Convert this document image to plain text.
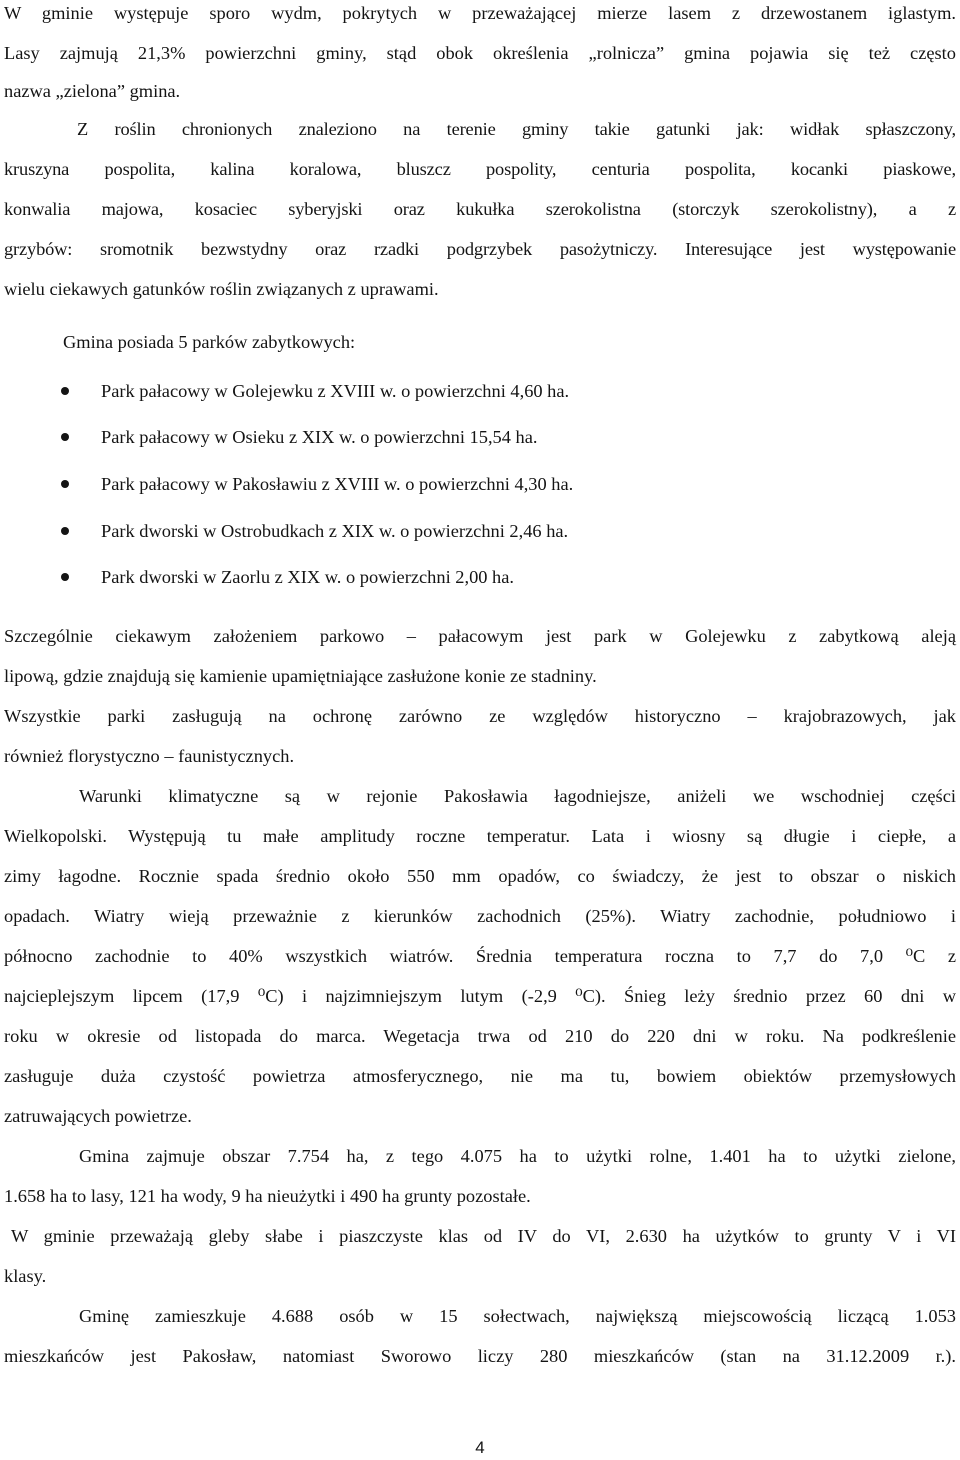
W gminie występuje sporo wydm, pokrytych w przeważającej mierze lasem z drzewostanem iglastym.
Lasy zajmują 21,3% powierzchni gminy, stąd obok określenia „rolnicza” gmina pojawia się też często
nazwa „zielona” gmina.
Z roślin chronionych znaleziono na terenie gminy takie gatunki jak: widłak spłaszczony,
kruszyna pospolita, kalina koralowa, bluszcz pospolity, centuria pospolita, kocanki piaskowe,
konwalia majowa, kosaciec syberyjski oraz kukułka szerokolistna (storczyk szerokolistny), a z
grzybów: sromotnik bezwstydny oraz rzadki podgrzybek pasożytniczy. Interesujące jest występowanie
wielu ciekawych gatunków roślin związanych z uprawami.
Gmina posiada 5 parków zabytkowych:
Szczególnie ciekawym założeniem parkowo – pałacowym jest park w Golejewku z zabytkową aleją
lipową, gdzie znajdują się kamienie upamiętniające zasłużone konie ze stadniny.
Wszystkie parki zasługują na ochronę zarówno ze względów historyczno – krajobrazowych, jak
również florystyczno – faunistycznych.
Warunki klimatyczne są w rejonie Pakosławia łagodniejsze, aniżeli we wschodniej części
Wielkopolski. Występują tu małe amplitudy roczne temperatur. Lata i wiosny są długie i ciepłe, a
zimy łagodne. Rocznie spada średnio około 550 mm opadów, co świadczy, że jest to obszar o niskich
opadach. Wiatry wieją przeważnie z kierunków zachodnich (25%). Wiatry zachodnie, południowo i
północno zachodnie to 40% wszystkich wiatrów. Średnia temperatura roczna to 7,7 do 7,0 ⁰C z
najcieplejszym lipcem (17,9 ⁰C) i najzimniejszym lutym (-2,9 ⁰C). Śnieg leży średnio przez 60 dni w
roku w okresie od listopada do marca. Wegetacja trwa od 210 do 220 dni w roku. Na podkreślenie
zasługuje duża czystość powietrza atmosferycznego, nie ma tu, bowiem obiektów przemysłowych
zatruwających powietrze.
Gmina zajmuje obszar 7.754 ha, z tego 4.075 ha to użytki rolne, 1.401 ha to użytki zielone,
1.658 ha to lasy, 121 ha wody, 9 ha nieużytki i 490 ha grunty pozostałe.
W gminie przeważają gleby słabe i piaszczyste klas od IV do VI, 2.630 ha użytków to grunty V i VI
klasy.
Gminę zamieszkuje 4.688 osób w 15 sołectwach, największą miejscowością liczącą 1.053
mieszkańców jest Pakosław, natomiast Sworowo liczy 280 mieszkańców (stan na 31.12.2009 r.).
Park pałacowy w Golejewku z XVIII w. o powierzchni 4,60 ha.
Park pałacowy w Osieku z XIX w. o powierzchni 15,54 ha.
Park pałacowy w Pakosławiu z XVIII w. o powierzchni 4,30 ha.
Park dworski w Ostrobudkach z XIX w. o powierzchni 2,46 ha.
Park dworski w Zaorlu z XIX w. o powierzchni 2,00 ha.
4
